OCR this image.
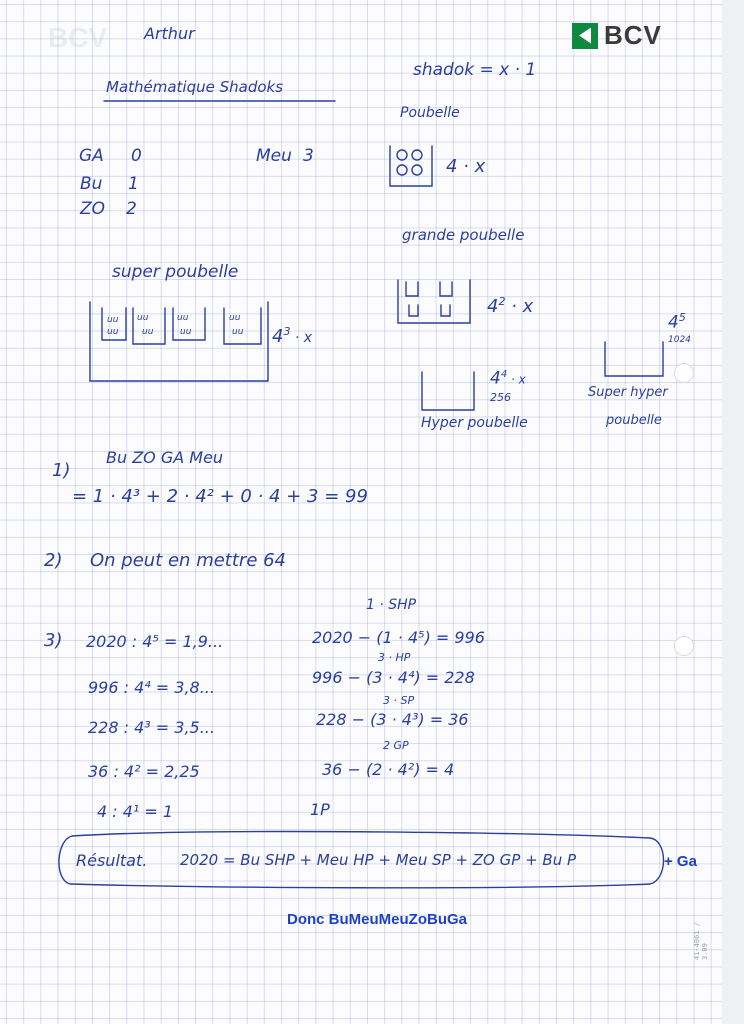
BCV	BCV
41-4061 / 3.09
uu
uu
uu
uu
uu
uu
uu
uu
Arthur
Mathématique Shadoks
shadok = x · 1
GA 0
Bu 1
ZO 2
Meu 3
Poubelle
4 · x
grande poubelle
$4^2 \cdot x$
super poubelle
$4^3 \cdot x$
$4^4 \cdot x$
256
Hyper poubelle
$4^5$
1024
Super hyper
poubelle
1)
Bu ZO GA Meu
= 1 · 4³ + 2 · 4² + 0 · 4 + 3 = 99
2) On peut en mettre 64
3) 2020 : 4⁵ = 1,9...
996 : 4⁴ = 3,8...
228 : 4³ = 3,5...
36 : 4² = 2,25
4 : 4¹ = 1
1 · SHP
3 · HP
3 · SP
2 GP
2020 − (1 · 4⁵) = 996
996 − (3 · 4⁴) = 228
228 − (3 · 4³) = 36
36 − (2 · 4²) = 4
1P
Résultat. 2020 = Bu SHP + Meu HP + Meu SP + ZO GP + Bu P	+ Ga
Donc BuMeuMeuZoBuGa
